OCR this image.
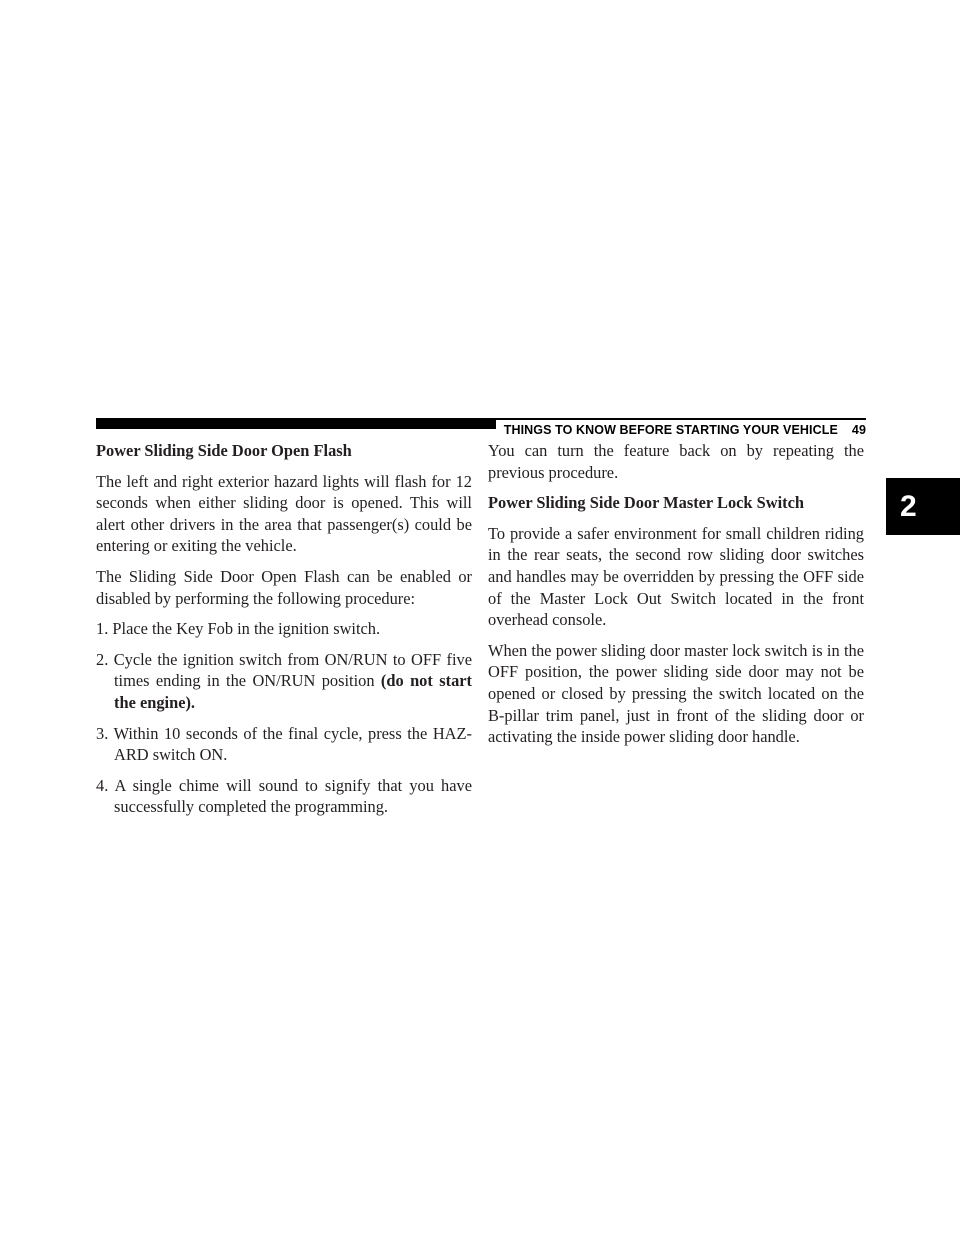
THINGS TO KNOW BEFORE STARTING YOUR VEHICLE 49
2
Power Sliding Side Door Open Flash

The left and right exterior hazard lights will flash for 12 seconds when either sliding door is opened. This will alert other drivers in the area that passenger(s) could be entering or exiting the vehicle.

The Sliding Side Door Open Flash can be enabled or disabled by performing the following procedure:

1. Place the Key Fob in the ignition switch.
2. Cycle the ignition switch from ON/RUN to OFF five times ending in the ON/RUN position (do not start the engine).
3. Within 10 seconds of the final cycle, press the HAZ-ARD switch ON.
4. A single chime will sound to signify that you have successfully completed the programming.

You can turn the feature back on by repeating the previous procedure.

Power Sliding Side Door Master Lock Switch

To provide a safer environment for small children riding in the rear seats, the second row sliding door switches and handles may be overridden by pressing the OFF side of the Master Lock Out Switch located in the front overhead console.

When the power sliding door master lock switch is in the OFF position, the power sliding side door may not be opened or closed by pressing the switch located on the B-pillar trim panel, just in front of the sliding door or activating the inside power sliding door handle.
